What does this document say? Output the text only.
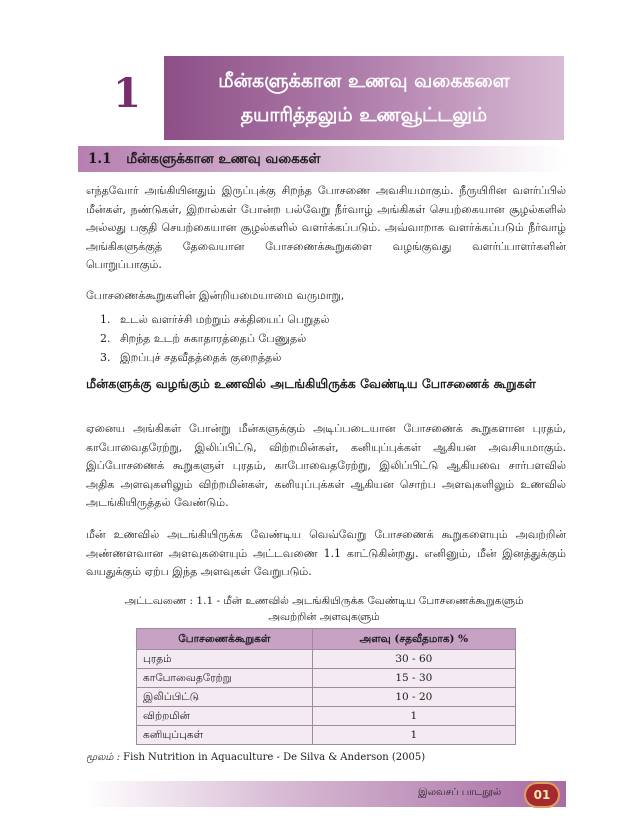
1	மீன்களுக்கான உணவு வகைகளை
தயாரித்தலும் உணவூட்டலும்
1.1 மீன்களுக்கான உணவு வகைகள்
எந்தவோர் அங்கியினதும் இருப்புக்கு சிறந்த போசணை அவசியமாகும். நீருயிரின வளர்ப்பில் மீன்கள், நண்டுகள், இறால்கள் போன்ற பல்வேறு நீர்வாழ் அங்கிகள் செயற்கையான சூழல்களில் அல்லது பகுதி செயற்கையான சூழல்களில் வளர்க்கப்படும். அவ்வாறாக வளர்க்கப்படும் நீர்வாழ் அங்கிகளுக்குத் தேவையான போசணைக்கூறுகளை வழங்குவது வளர்ப்பாளர்களின் பொறுப்பாகும்.
போசணைக்கூறுகளின் இன்றியமையாமை வருமாறு,
1. உடல் வளர்ச்சி மற்றும் சக்தியைப் பெறுதல்
2. சிறந்த உடற் சுகாதாரத்தைப் பேணுதல்
3. இறப்புச் சதவீதத்தைக் குறைத்தல்
மீன்களுக்கு வழங்கும் உணவில் அடங்கியிருக்க வேண்டிய போசணைக் கூறுகள்
ஏனைய அங்கிகள் போன்று மீன்களுக்கும் அடிப்படையான போசணைக் கூறுகளான புரதம், காபோவைதரேற்று, இலிப்பிட்டு, விற்றமின்கள், கனியுப்புக்கள் ஆகியன அவசியமாகும். இப்போசணைக் கூறுகளுள் புரதம், காபோவைதரேற்று, இலிப்பிட்டு ஆகியவை சார்பளவில் அதிக அளவுகளிலும் விற்றமின்கள், கனியுப்புக்கள் ஆகியன சொற்ப அளவுகளிலும் உணவில் அடங்கியிருத்தல் வேண்டும்.
மீன் உணவில் அடங்கியிருக்க வேண்டிய வெவ்வேறு போசணைக் கூறுகளையும் அவற்றின் அண்ணளவான அளவுகளையும் அட்டவணை 1.1 காட்டுகின்றது. எனினும், மீன் இனத்துக்கும் வயதுக்கும் ஏற்ப இந்த அளவுகள் வேறுபடும்.
அட்டவணை : 1.1 - மீன் உணவில் அடங்கியிருக்க வேண்டிய போசணைக்கூறுகளும்
அவற்றின் அளவுகளும்
போசணைக்கூறுகள்	அளவு (சதவீதமாக) %
புரதம்	30 - 60
காபோவைதரேற்று	15 - 30
இலிப்பிட்டு	10 - 20
விற்றமின்	1
கனியுப்புகள்	1
மூலம் : Fish Nutrition in Aquaculture - De Silva & Anderson (2005)
இலவசப் பாடநூல்	01
